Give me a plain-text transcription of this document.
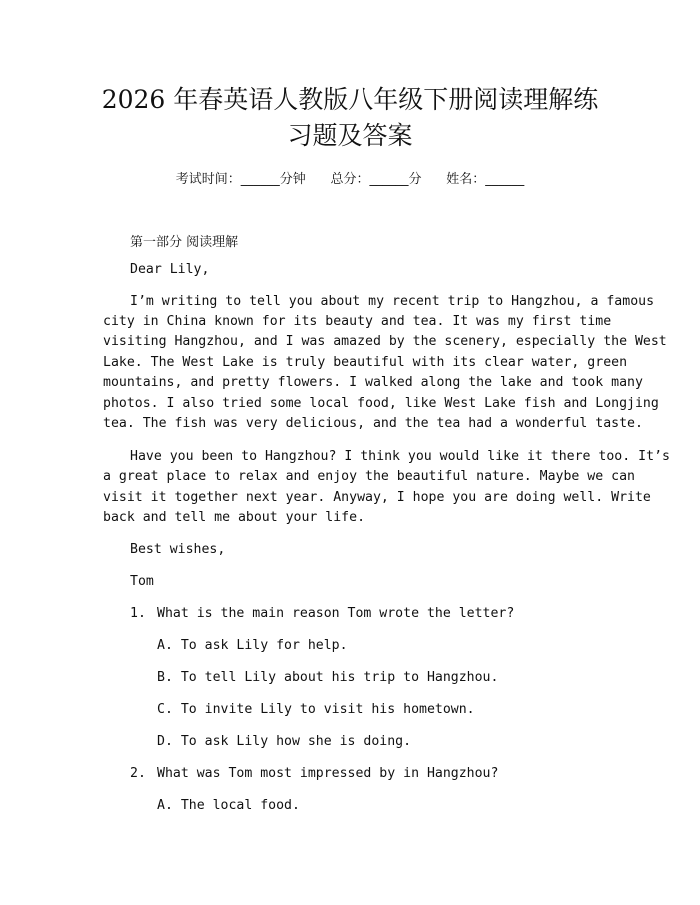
2026 年春英语人教版八年级下册阅读理解练
习题及答案
考试时间：______分钟      总分：______分      姓名：______
第一部分 阅读理解
Dear Lily,
I’m writing to tell you about my recent trip to Hangzhou, a famous
city in China known for its beauty and tea. It was my first time
visiting Hangzhou, and I was amazed by the scenery, especially the West
Lake. The West Lake is truly beautiful with its clear water, green
mountains, and pretty flowers. I walked along the lake and took many
photos. I also tried some local food, like West Lake fish and Longjing
tea. The fish was very delicious, and the tea had a wonderful taste.
Have you been to Hangzhou? I think you would like it there too. It’s
a great place to relax and enjoy the beautiful nature. Maybe we can
visit it together next year. Anyway, I hope you are doing well. Write
back and tell me about your life.
Best wishes,
Tom
1. What is the main reason Tom wrote the letter?
A. To ask Lily for help.
B. To tell Lily about his trip to Hangzhou.
C. To invite Lily to visit his hometown.
D. To ask Lily how she is doing.
2. What was Tom most impressed by in Hangzhou?
A. The local food.
